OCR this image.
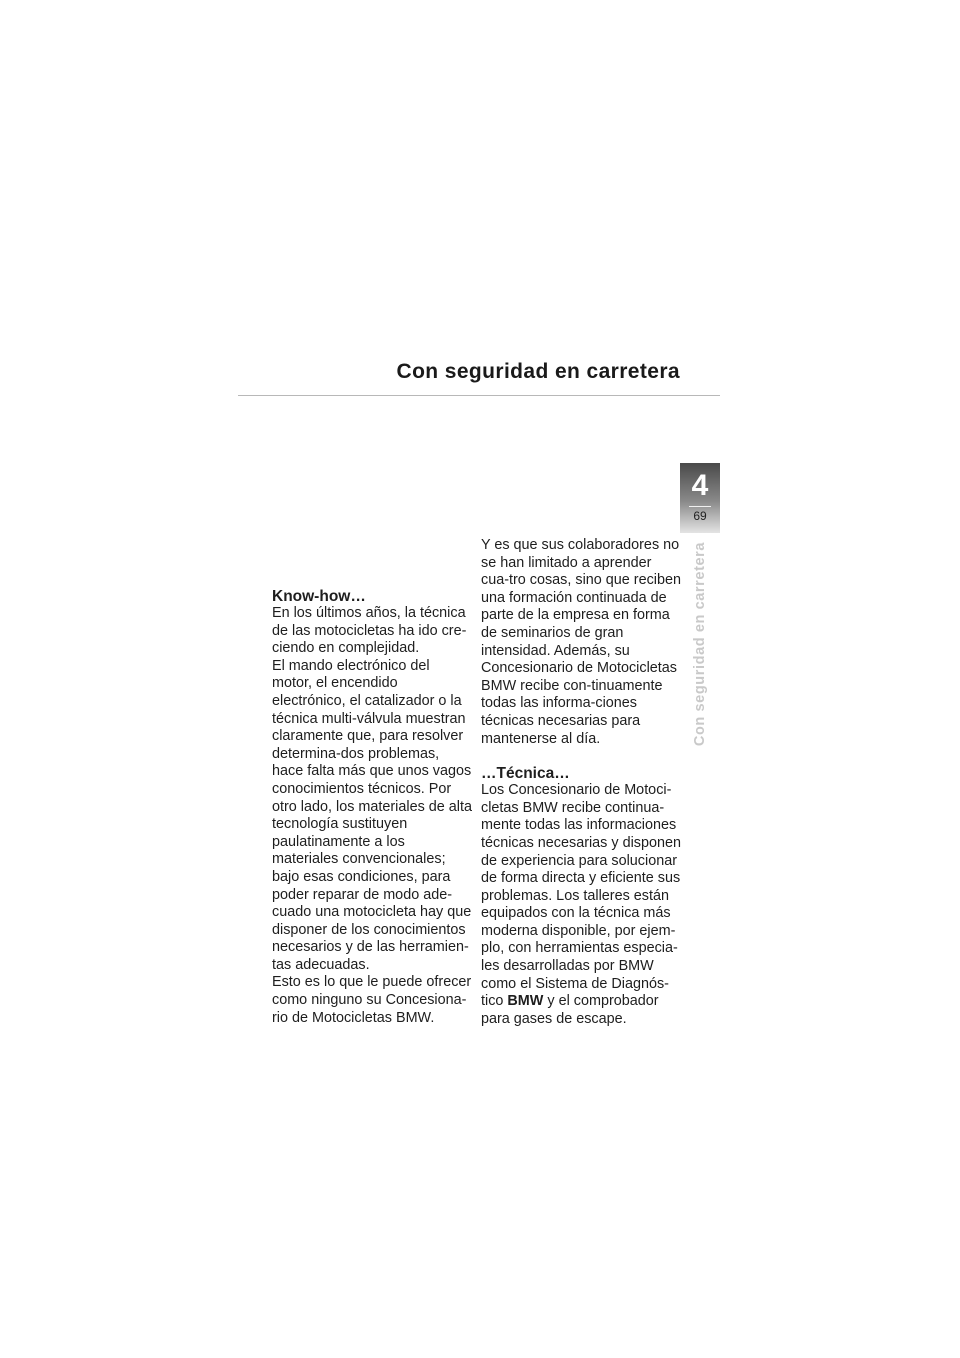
Con seguridad en carretera
4
69
Con seguridad en carretera
Know-how…

En los últimos años, la técnica de las motocicletas ha ido cre-ciendo en complejidad.

El mando electrónico del motor, el encendido electrónico, el catalizador o la técnica multi-válvula muestran claramente que, para resolver determina-dos problemas, hace falta más que unos vagos conocimientos técnicos. Por otro lado, los materiales de alta tecnología sustituyen paulatinamente a los materiales convencionales; bajo esas condiciones, para poder reparar de modo ade-cuado una motocicleta hay que disponer de los conocimientos necesarios y de las herramien-tas adecuadas.

Esto es lo que le puede ofrecer como ninguno su Concesiona-rio de Motocicletas BMW.

Y es que sus colaboradores no se han limitado a aprender cua-tro cosas, sino que reciben una formación continuada de parte de la empresa en forma de seminarios de gran intensidad. Además, su Concesionario de Motocicletas BMW recibe con-tinuamente todas las informa-ciones técnicas necesarias para mantenerse al día.

…Técnica…

Los Concesionario de Motoci-cletas BMW recibe continua-mente todas las informaciones técnicas necesarias y disponen de experiencia para solucionar de forma directa y eficiente sus problemas. Los talleres están equipados con la técnica más moderna disponible, por ejem-plo, con herramientas especia-les desarrolladas por BMW como el Sistema de Diagnós-tico BMW y el comprobador para gases de escape.
